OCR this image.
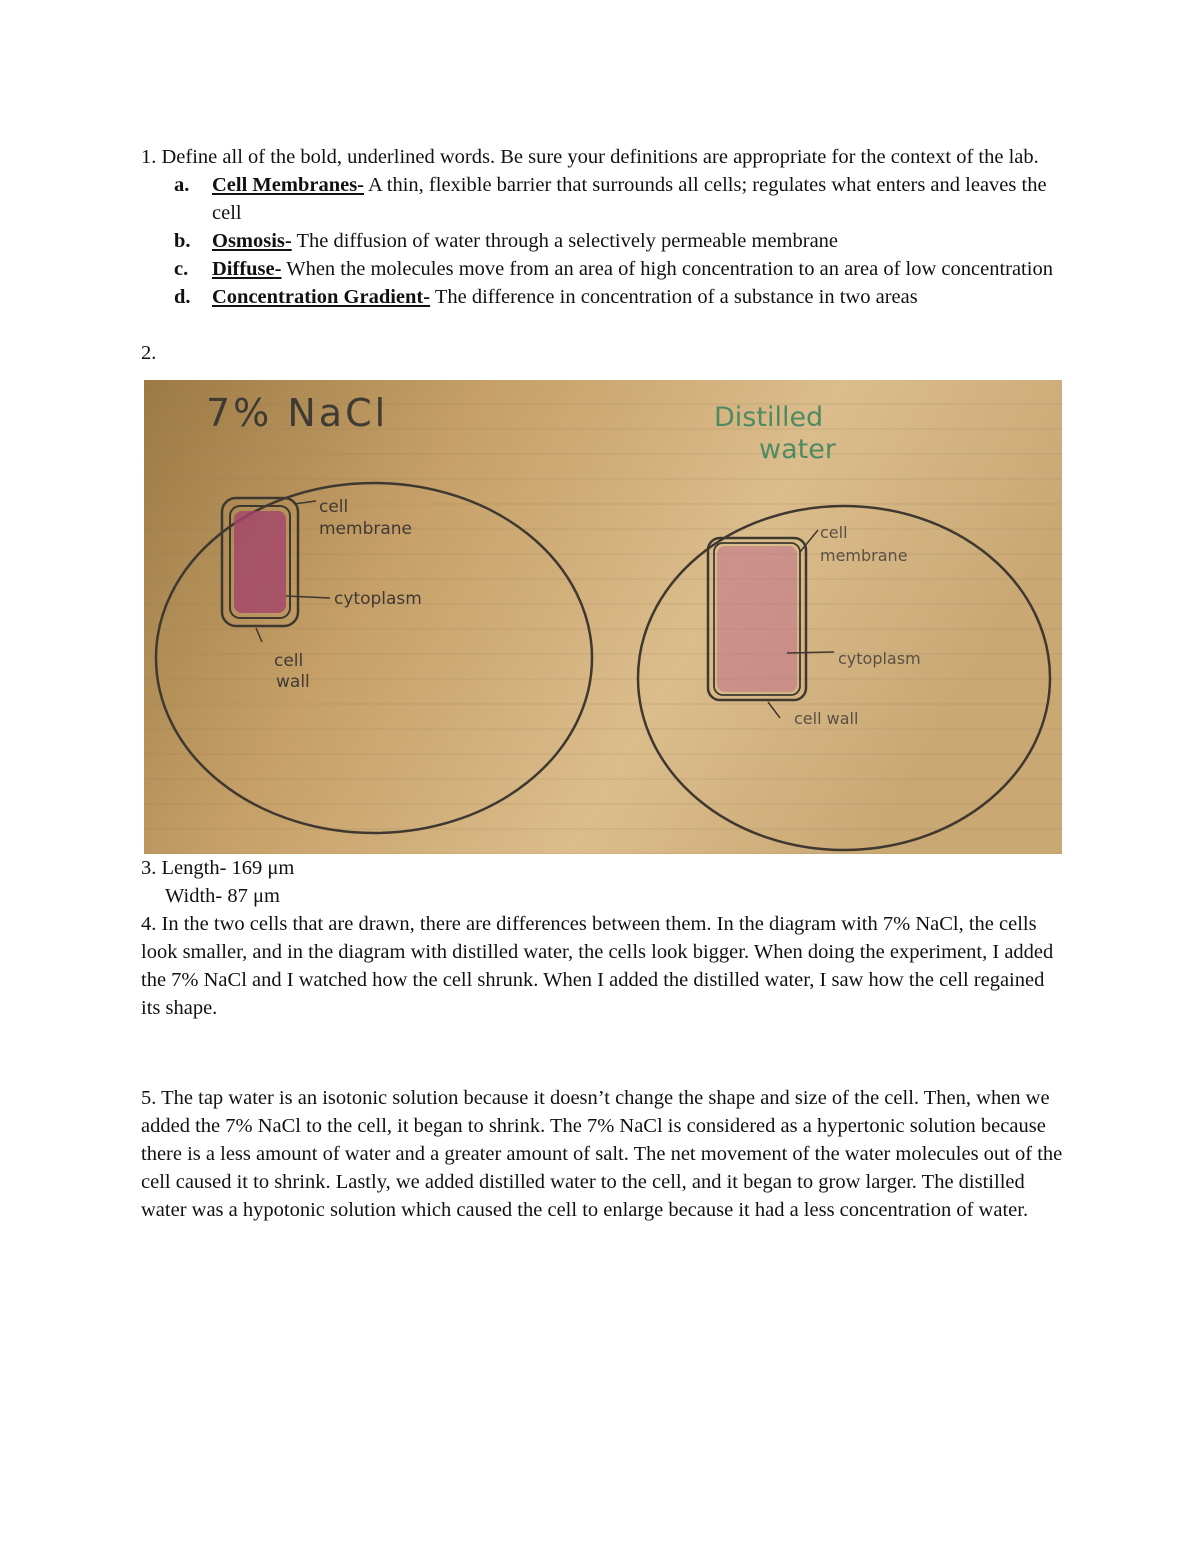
1. Define all of the bold, underlined words. Be sure your definitions are appropriate for the context of the lab.

a. Cell Membranes- A thin, flexible barrier that surrounds all cells; regulates what enters and leaves the cell
b. Osmosis- The diffusion of water through a selectively permeable membrane
c. Diffuse- When the molecules move from an area of high concentration to an area of low concentration
d. Concentration Gradient- The difference in concentration of a substance in two areas

2.

7% NaCl
cell
membrane
cytoplasm
cell
wall
Distilled
water
cell
membrane
cytoplasm
cell wall

3. Length- 169 μm

Width- 87 μm

4. In the two cells that are drawn, there are differences between them. In the diagram with 7% NaCl, the cells look smaller, and in the diagram with distilled water, the cells look bigger. When doing the experiment, I added the 7% NaCl and I watched how the cell shrunk. When I added the distilled water, I saw how the cell regained its shape.

5. The tap water is an isotonic solution because it doesn’t change the shape and size of the cell. Then, when we added the 7% NaCl to the cell, it began to shrink. The 7% NaCl is considered as a hypertonic solution because there is a less amount of water and a greater amount of salt. The net movement of the water molecules out of the cell caused it to shrink. Lastly, we added distilled water to the cell, and it began to grow larger. The distilled water was a hypotonic solution which caused the cell to enlarge because it had a less concentration of water.
